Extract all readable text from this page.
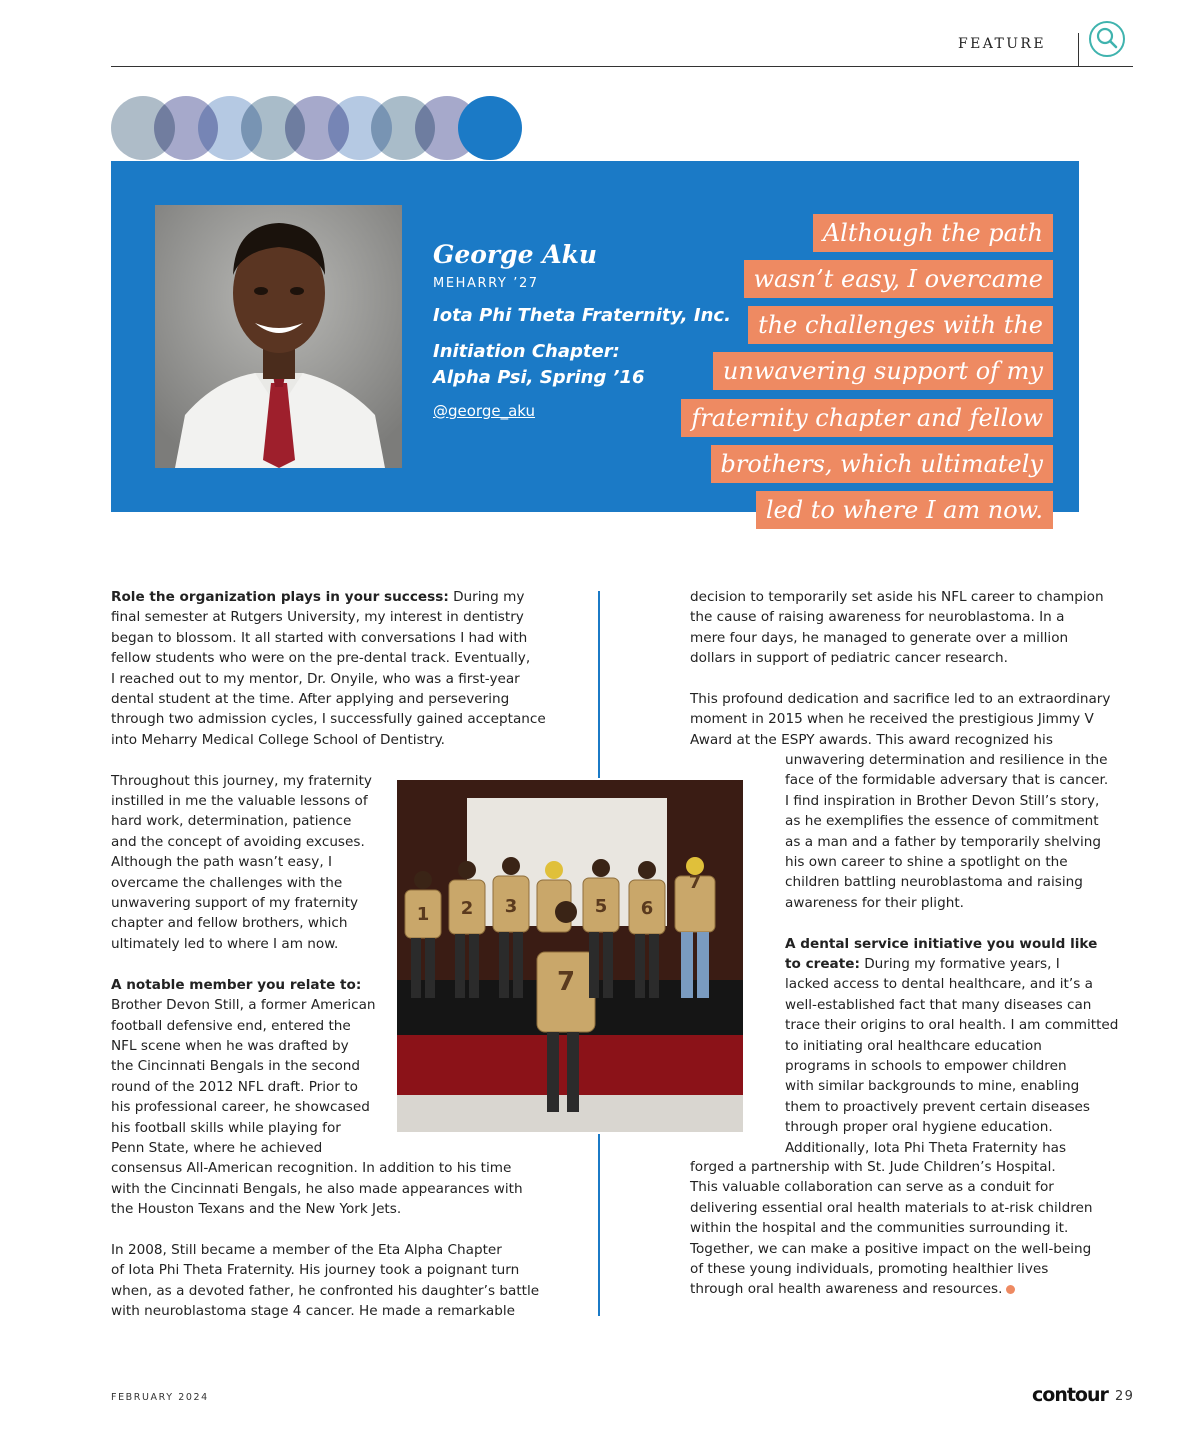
FEATURE
George Aku
MEHARRY ’27
Iota Phi Theta Fraternity, Inc.
Initiation Chapter:
Alpha Psi, Spring ’16
@george_aku
Although the path
wasn’t easy, I overcame
the challenges with the
unwavering support of my
fraternity chapter and fellow
brothers, which ultimately
led to where I am now.

Role the organization plays in your success: During my

final semester at Rutgers University, my interest in dentistry

began to blossom. It all started with conversations I had with

fellow students who were on the pre-dental track. Eventually,

I reached out to my mentor, Dr. Onyile, who was a first-year

dental student at the time. After applying and persevering

through two admission cycles, I successfully gained acceptance

into Meharry Medical College School of Dentistry.

Throughout this journey, my fraternity

instilled in me the valuable lessons of

hard work, determination, patience

and the concept of avoiding excuses.

Although the path wasn’t easy, I

overcame the challenges with the

unwavering support of my fraternity

chapter and fellow brothers, which

ultimately led to where I am now.

A notable member you relate to:

Brother Devon Still, a former American

football defensive end, entered the

NFL scene when he was drafted by

the Cincinnati Bengals in the second

round of the 2012 NFL draft. Prior to

his professional career, he showcased

his football skills while playing for

Penn State, where he achieved

consensus All-American recognition. In addition to his time

with the Cincinnati Bengals, he also made appearances with

the Houston Texans and the New York Jets.

In 2008, Still became a member of the Eta Alpha Chapter

of Iota Phi Theta Fraternity. His journey took a poignant turn

when, as a devoted father, he confronted his daughter’s battle

with neuroblastoma stage 4 cancer. He made a remarkable

1 2 3	5 6
7
7

decision to temporarily set aside his NFL career to champion

the cause of raising awareness for neuroblastoma. In a

mere four days, he managed to generate over a million

dollars in support of pediatric cancer research.

This profound dedication and sacrifice led to an extraordinary

moment in 2015 when he received the prestigious Jimmy V

Award at the ESPY awards. This award recognized his

unwavering determination and resilience in the

face of the formidable adversary that is cancer.

I find inspiration in Brother Devon Still’s story,

as he exemplifies the essence of commitment

as a man and a father by temporarily shelving

his own career to shine a spotlight on the

children battling neuroblastoma and raising

awareness for their plight.

A dental service initiative you would like

to create: During my formative years, I

lacked access to dental healthcare, and it’s a

well-established fact that many diseases can

trace their origins to oral health. I am committed

to initiating oral healthcare education

programs in schools to empower children

with similar backgrounds to mine, enabling

them to proactively prevent certain diseases

through proper oral hygiene education.

Additionally, Iota Phi Theta Fraternity has

forged a partnership with St. Jude Children’s Hospital.

This valuable collaboration can serve as a conduit for

delivering essential oral health materials to at-risk children

within the hospital and the communities surrounding it.

Together, we can make a positive impact on the well-being

of these young individuals, promoting healthier lives

through oral health awareness and resources.

FEBRUARY 2024	contour 29
